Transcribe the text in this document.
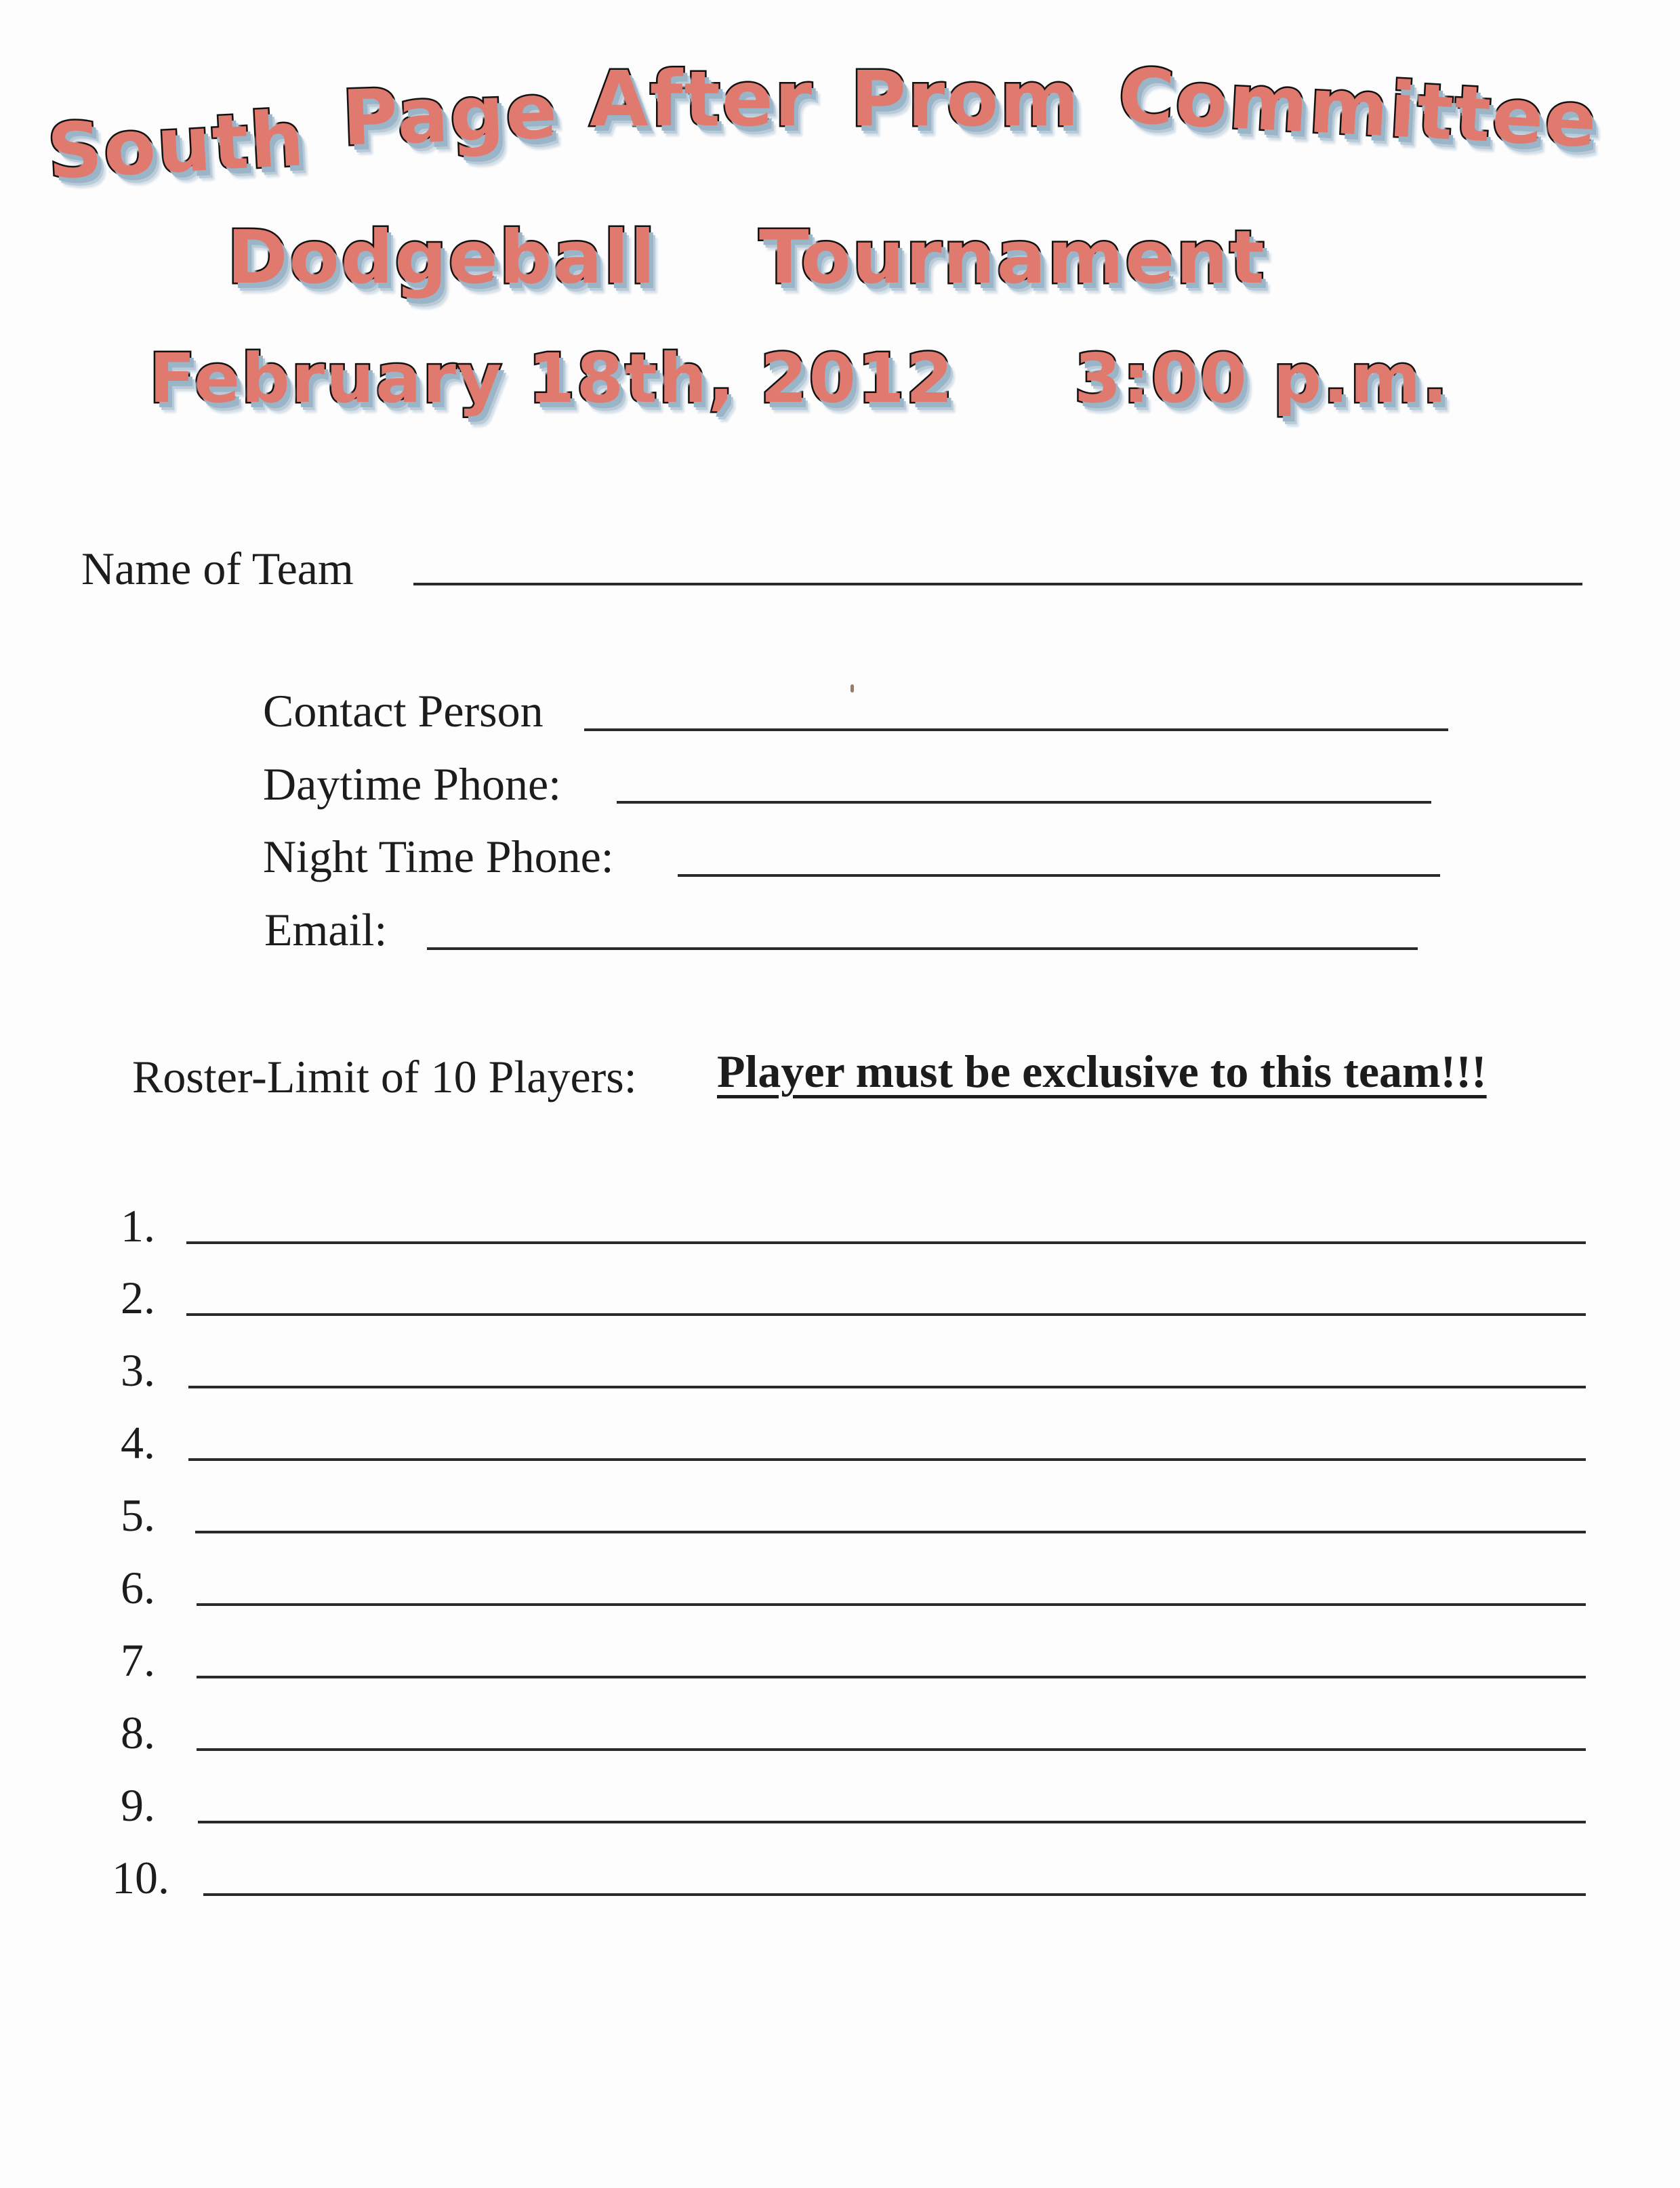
South Page After Prom Committee
Dodgeball Tournament
February 18th, 2012 3:00 p.m.
Name of Team
Contact Person
Daytime Phone:
Night Time Phone:
Email:
Roster-Limit of 10 Players: Player must be exclusive to this team!!!
1.
2.
3.
4.
5.
6.
7.
8.
9.
10.
